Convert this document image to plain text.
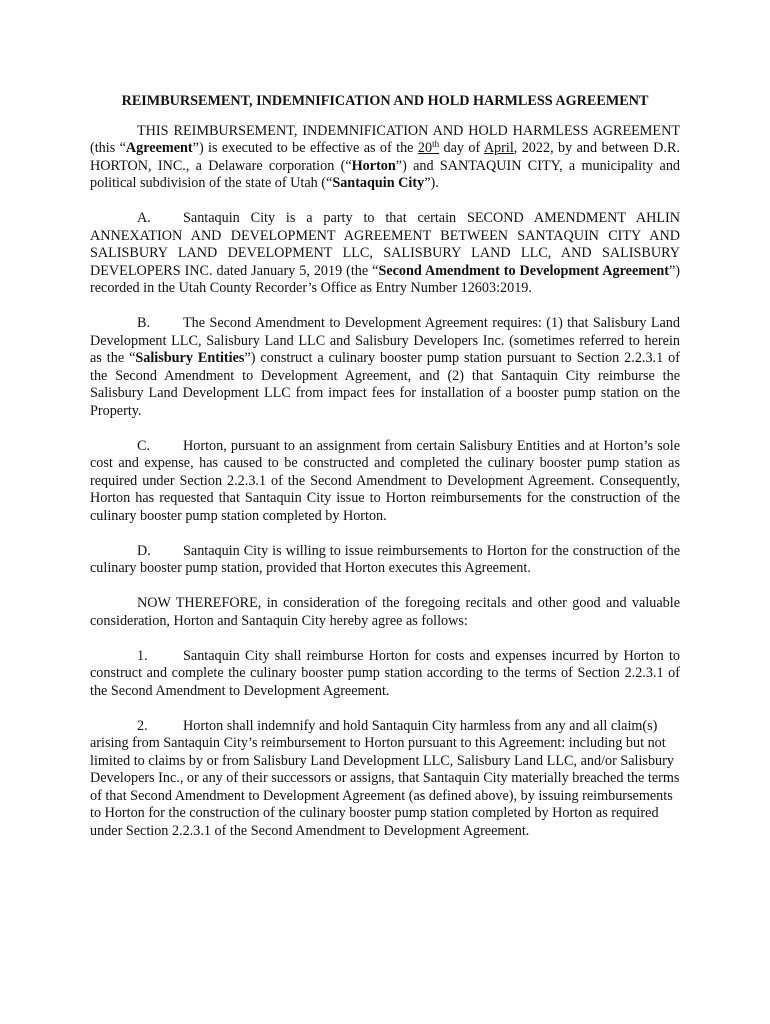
REIMBURSEMENT, INDEMNIFICATION AND HOLD HARMLESS AGREEMENT

THIS REIMBURSEMENT, INDEMNIFICATION AND HOLD HARMLESS AGREEMENT (this “Agreement”) is executed to be effective as of the 20th day of April, 2022, by and between D.R. HORTON, INC., a Delaware corporation (“Horton”) and SANTAQUIN CITY, a municipality and political subdivision of the state of Utah (“Santaquin City”).

A. Santaquin City is a party to that certain SECOND AMENDMENT AHLIN ANNEXATION AND DEVELOPMENT AGREEMENT BETWEEN SANTAQUIN CITY AND SALISBURY LAND DEVELOPMENT LLC, SALISBURY LAND LLC, AND SALISBURY DEVELOPERS INC. dated January 5, 2019 (the “Second Amendment to Development Agreement”) recorded in the Utah County Recorder’s Office as Entry Number 12603:2019.

B. The Second Amendment to Development Agreement requires: (1) that Salisbury Land Development LLC, Salisbury Land LLC and Salisbury Developers Inc. (sometimes referred to herein as the “Salisbury Entities”) construct a culinary booster pump station pursuant to Section 2.2.3.1 of the Second Amendment to Development Agreement, and (2) that Santaquin City reimburse the Salisbury Land Development LLC from impact fees for installation of a booster pump station on the Property.

C. Horton, pursuant to an assignment from certain Salisbury Entities and at Horton’s sole cost and expense, has caused to be constructed and completed the culinary booster pump station as required under Section 2.2.3.1 of the Second Amendment to Development Agreement. Consequently, Horton has requested that Santaquin City issue to Horton reimbursements for the construction of the culinary booster pump station completed by Horton.

D. Santaquin City is willing to issue reimbursements to Horton for the construction of the culinary booster pump station, provided that Horton executes this Agreement.

NOW THEREFORE, in consideration of the foregoing recitals and other good and valuable consideration, Horton and Santaquin City hereby agree as follows:

1. Santaquin City shall reimburse Horton for costs and expenses incurred by Horton to construct and complete the culinary booster pump station according to the terms of Section 2.2.3.1 of the Second Amendment to Development Agreement.

2. Horton shall indemnify and hold Santaquin City harmless from any and all claim(s) arising from Santaquin City’s reimbursement to Horton pursuant to this Agreement: including but not limited to claims by or from Salisbury Land Development LLC, Salisbury Land LLC, and/or Salisbury Developers Inc., or any of their successors or assigns, that Santaquin City materially breached the terms of that Second Amendment to Development Agreement (as defined above), by issuing reimbursements to Horton for the construction of the culinary booster pump station completed by Horton as required under Section 2.2.3.1 of the Second Amendment to Development Agreement.
